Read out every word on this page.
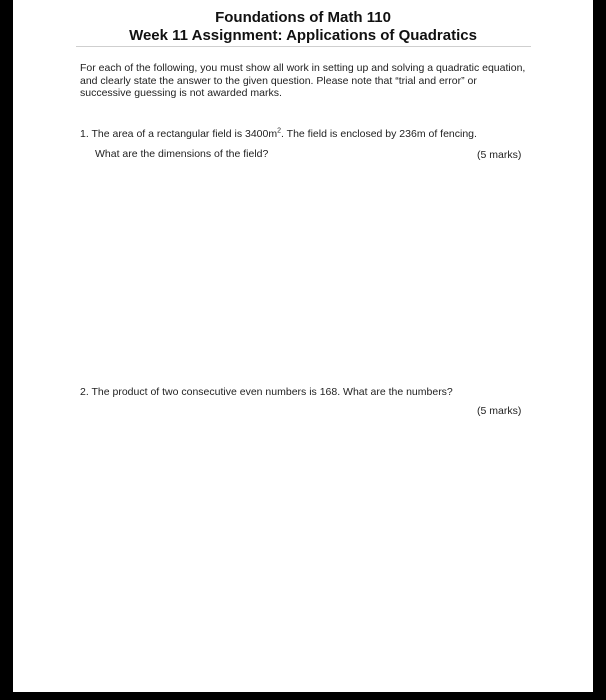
Foundations of Math 110
Week 11 Assignment: Applications of Quadratics

For each of the following, you must show all work in setting up and solving a quadratic equation, and clearly state the answer to the given question. Please note that “trial and error” or successive guessing is not awarded marks.

1. The area of a rectangular field is $3400m^2$. The field is enclosed by 236m of fencing.

What are the dimensions of the field?	(5 marks)

2. The product of two consecutive even numbers is 168. What are the numbers?

(5 marks)
